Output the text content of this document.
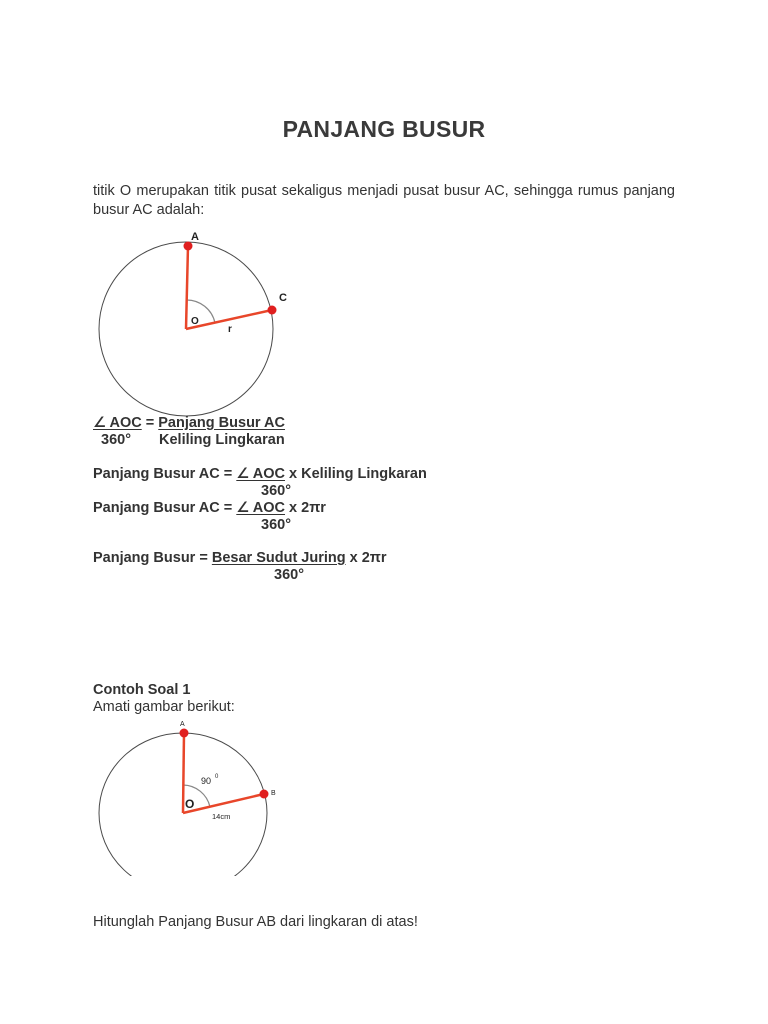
PANJANG BUSUR
titik O merupakan titik pusat sekaligus menjadi pusat busur AC, sehingga rumus panjang busur AC adalah:
A
C
O
r
∠ AOC = Panjang Busur AC
360° Keliling Lingkaran
Panjang Busur AC = ∠ AOC x Keliling Lingkaran
360°
Panjang Busur AC = ∠ AOC x 2πr
360°
Panjang Busur = Besar Sudut Juring x 2πr
360°
Contoh Soal 1
Amati gambar berikut:
A
B
O
90 0
14cm
Hitunglah Panjang Busur AB dari lingkaran di atas!
